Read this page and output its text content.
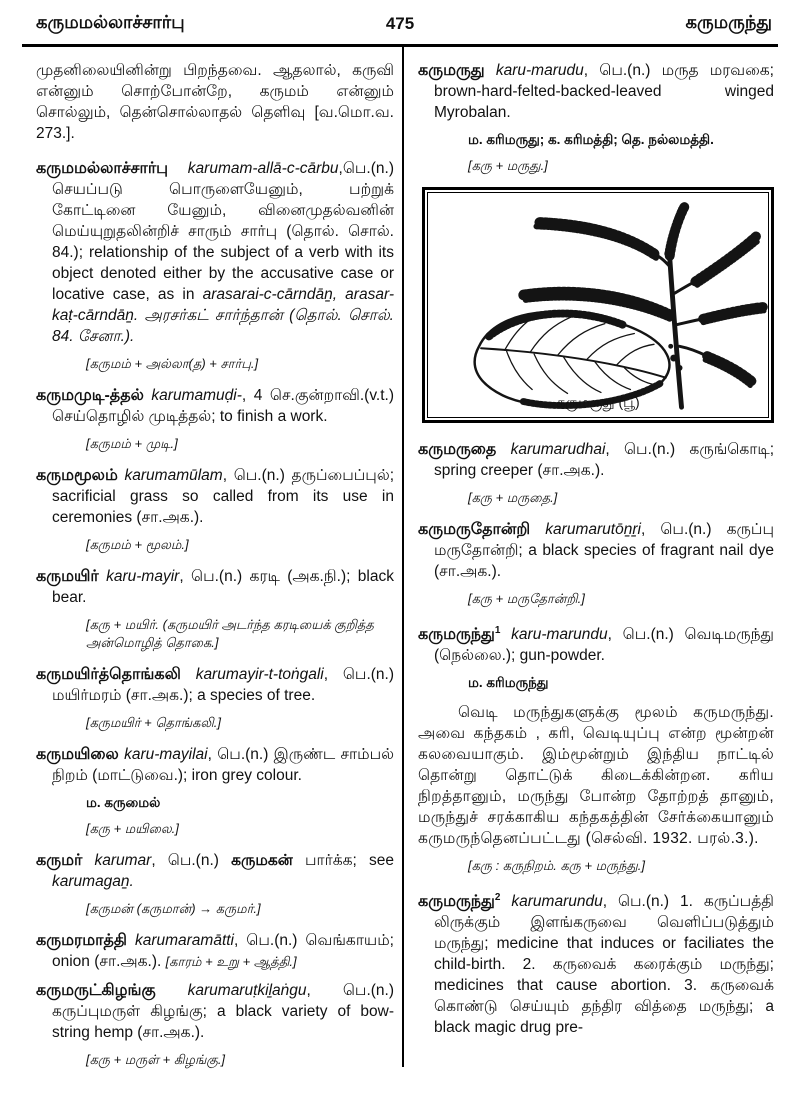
கருமமல்லாச்சார்பு	475	கருமருந்து
முதனிலையினின்று பிறந்தவை. ஆதலால், கருவி என்னும் சொற்போன்றே, கருமம் என்னும் சொல்லும், தென்சொல்லாதல் தெளிவு [வ.மொ.வ. 273.].
கருமமல்லாச்சார்பு karumam-allā-c-cārbu,பெ.(n.) செயப்படு பொருளையேனும், பற்றுக் கோட்டினை யேனும், வினைமுதல்வனின் மெய்யுறுதலின்றிச் சாரும் சார்பு (தொல். சொல். 84.); relationship of the subject of a verb with its object denoted either by the accusative case or locative case, as in arasarai-c-cārndāṉ, arasar-kaṭ-cārndāṉ. அரசர்கட் சார்ந்தான் (தொல். சொல். 84. சேனா.).
[கருமம் + அல்லா(த) + சார்பு.]
கருமமுடி-த்தல் karumamuḍi-, 4 செ.குன்றாவி.(v.t.) செய்தொழில் முடித்தல்; to finish a work.
[கருமம் + முடி.]
கருமமூலம் karumamūlam, பெ.(n.) தருப்பைப்புல்; sacrificial grass so called from its use in ceremonies (சா.அக.).
[கருமம் + மூலம்.]
கருமயிர் karu-mayir, பெ.(n.) கரடி (அக.நி.); black bear.
[கரு + மயிர். (கருமயிர் அடர்ந்த கரடியைக் குறித்த அன்மொழித் தொகை.]
கருமயிர்த்தொங்கலி karumayir-t-toṅgali, பெ.(n.) மயிர்மரம் (சா.அக.); a species of tree.
[கருமயிர் + தொங்கலி.]
கருமயிலை karu-mayilai, பெ.(n.) இருண்ட சாம்பல் நிறம் (மாட்டுவை.); iron grey colour.
ம. கருமைல்
[கரு + மயிலை.]
கருமர் karumar, பெ.(n.) கருமகன் பார்க்க; see karumagaṉ.
[கருமன் (கருமான்) → கருமர்.]
கருமரமாத்தி karumaramātti, பெ.(n.) வெங்காயம்; onion (சா.அக.). [காரம் + உறு + ஆத்தி.]
கருமருட்கிழங்கு karumaruṭkiḻaṅgu, பெ.(n.) கருப்புமருள் கிழங்கு; a black variety of bow-string hemp (சா.அக.).
[கரு + மருள் + கிழங்கு.]
கருமருது karu-marudu, பெ.(n.) மருத மரவகை; brown-hard-felted-backed-leaved winged Myrobalan.
ம. கரிமருது; க. கரிமத்தி; தெ. நல்லமத்தி.
[கரு + மருது.]
கருமருது (பூ)
கருமருதை karumarudhai, பெ.(n.) கருங்கொடி; spring creeper (சா.அக.).
[கரு + மருதை.]
கருமருதோன்றி karumarutōṉṟi, பெ.(n.) கருப்பு மருதோன்றி; a black species of fragrant nail dye (சா.அக.).
[கரு + மருதோன்றி.]
கருமருந்து$^1$ karu-marundu, பெ.(n.) வெடிமருந்து (நெல்லை.); gun-powder.
ம. கரிமருந்து
வெடி மருந்துகளுக்கு மூலம் கருமருந்து. அவை கந்தகம் , கரி, வெடியுப்பு என்ற மூன்றன் கலவையாகும். இம்மூன்றும் இந்திய நாட்டில் தொன்று தொட்டுக் கிடைக்கின்றன. கரிய நிறத்தானும், மருந்து போன்ற தோற்றத் தானும், மருந்துச் சரக்காகிய கந்தகத்தின் சேர்க்கையானும் கருமருந்தெனப்பட்டது (செல்வி. 1932. பரல்.3.).
[கரு : கருநிறம். கரு + மருந்து.]
கருமருந்து$^2$ karumarundu, பெ.(n.) 1. கருப்பத்தி லிருக்கும் இளங்கருவை வெளிப்படுத்தும் மருந்து; medicine that induces or faciliates the child-birth. 2. கருவைக் கரைக்கும் மருந்து; medicines that cause abortion. 3. கருவைக் கொண்டு செய்யும் தந்திர வித்தை மருந்து; a black magic drug pre-
